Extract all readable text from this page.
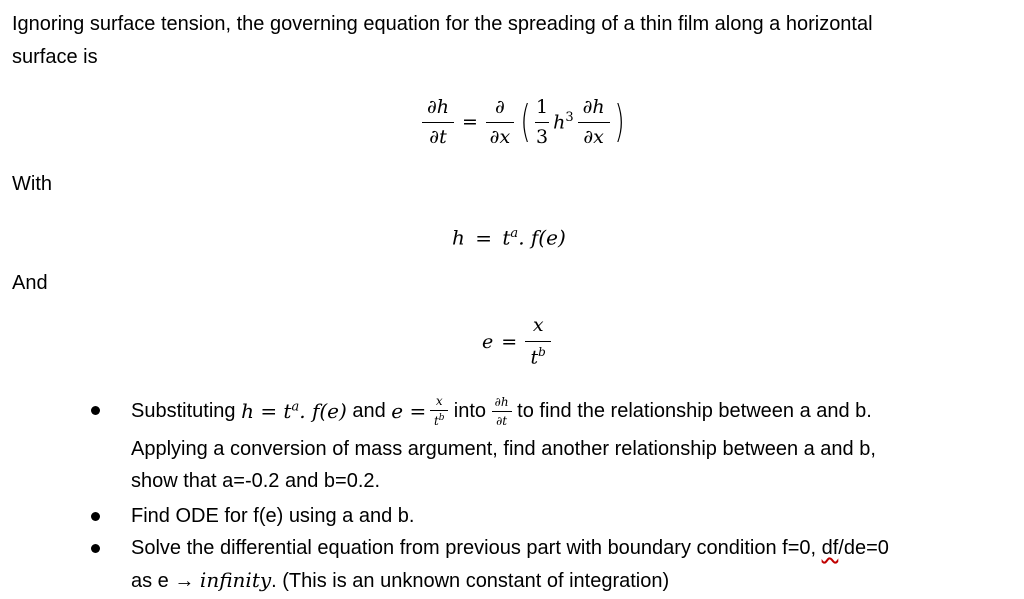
Ignoring surface tension, the governing equation for the spreading of a thin film along a horizontal
surface is
$\frac{\partial h}{\partial t} = \frac{\partial}{\partial x}$ ( $\frac{1}{3} h^3 \frac{\partial h}{\partial x}$ )
With
$h = t^a$. f(e)
And
$e = \frac{x}{t^b}$
Substituting $h = t^a$. f(e) and $e = \frac{x}{t^b}$ into $\frac{\partial h}{\partial t}$ to find the relationship between a and b.
Applying a conversion of mass argument, find another relationship between a and b,
show that a=-0.2 and b=0.2.
Find ODE for f(e) using a and b.
Solve the differential equation from previous part with boundary condition f=0, df/de=0
as e → infinity. (This is an unknown constant of integration)
